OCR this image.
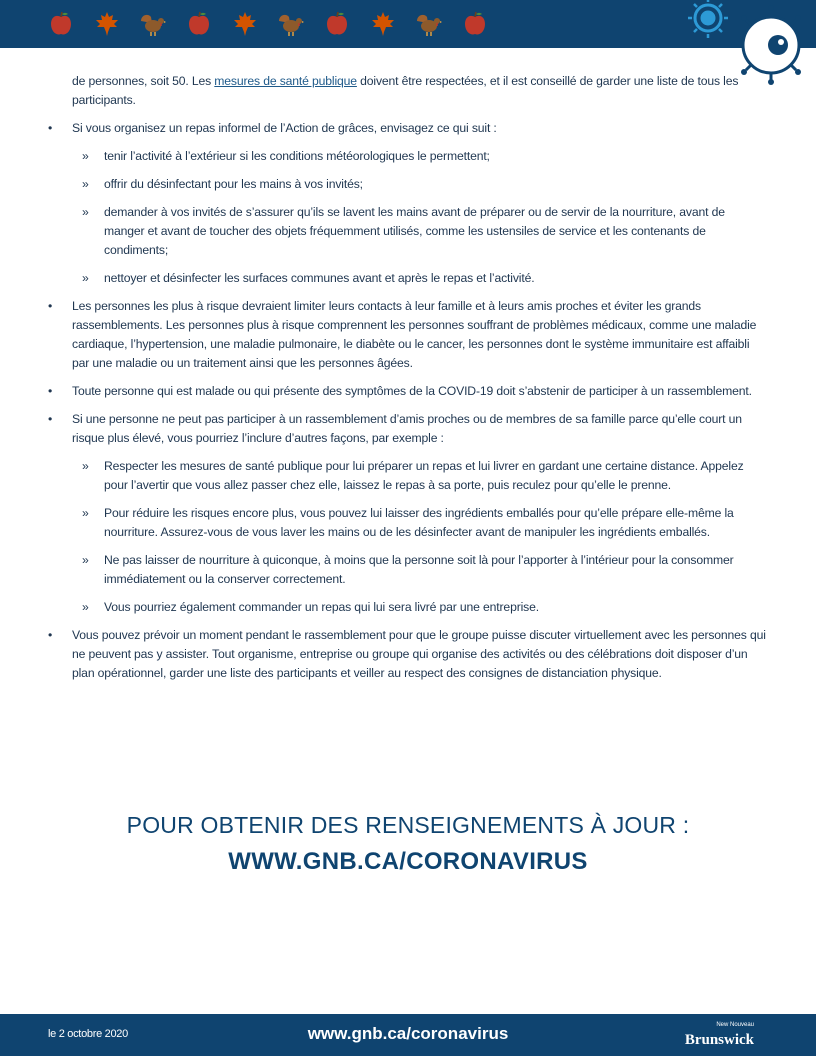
de personnes, soit 50. Les mesures de santé publique doivent être respectées, et il est conseillé de garder une liste de tous les participants.

• Si vous organisez un repas informel de l’Action de grâces, envisagez ce qui suit :
» tenir l’activité à l’extérieur si les conditions météorologiques le permettent;
» offrir du désinfectant pour les mains à vos invités;
» demander à vos invités de s’assurer qu’ils se lavent les mains avant de préparer ou de servir de la nourriture, avant de manger et avant de toucher des objets fréquemment utilisés, comme les ustensiles de service et les contenants de condiments;
» nettoyer et désinfecter les surfaces communes avant et après le repas et l’activité.
• Les personnes les plus à risque devraient limiter leurs contacts à leur famille et à leurs amis proches et éviter les grands rassemblements. Les personnes plus à risque comprennent les personnes souffrant de problèmes médicaux, comme une maladie cardiaque, l’hypertension, une maladie pulmonaire, le diabète ou le cancer, les personnes dont le système immunitaire est affaibli par une maladie ou un traitement ainsi que les personnes âgées.
• Toute personne qui est malade ou qui présente des symptômes de la COVID-19 doit s’abstenir de participer à un rassemblement.
• Si une personne ne peut pas participer à un rassemblement d’amis proches ou de membres de sa famille parce qu’elle court un risque plus élevé, vous pourriez l’inclure d’autres façons, par exemple :
» Respecter les mesures de santé publique pour lui préparer un repas et lui livrer en gardant une certaine distance. Appelez pour l’avertir que vous allez passer chez elle, laissez le repas à sa porte, puis reculez pour qu’elle le prenne.
» Pour réduire les risques encore plus, vous pouvez lui laisser des ingrédients emballés pour qu’elle prépare elle-même la nourriture. Assurez-vous de vous laver les mains ou de les désinfecter avant de manipuler les ingrédients emballés.
» Ne pas laisser de nourriture à quiconque, à moins que la personne soit là pour l’apporter à l’intérieur pour la consommer immédiatement ou la conserver correctement.
» Vous pourriez également commander un repas qui lui sera livré par une entreprise.
• Vous pouvez prévoir un moment pendant le rassemblement pour que le groupe puisse discuter virtuellement avec les personnes qui ne peuvent pas y assister. Tout organisme, entreprise ou groupe qui organise des activités ou des célébrations doit disposer d’un plan opérationnel, garder une liste des participants et veiller au respect des consignes de distanciation physique.
POUR OBTENIR DES RENSEIGNEMENTS À JOUR :
WWW.GNB.CA/CORONAVIRUS
le 2 octobre 2020	www.gnb.ca/coronavirus	New Nouveau
Brunswick
